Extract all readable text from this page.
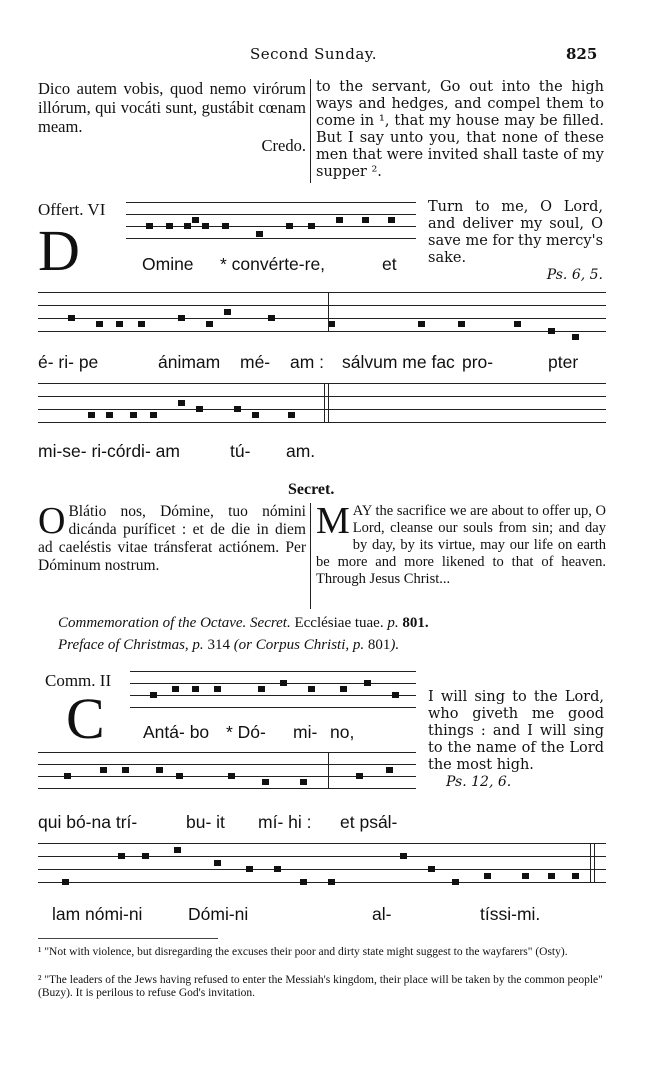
Second Sunday.	825
Dico autem vobis, quod nemo virórum illórum, qui vocáti sunt, gustábit cœnam meam.
Credo.
to the servant, Go out into the high ways and hedges, and compel them to come in ¹, that my house may be filled. But I say unto you, that none of these men that were invited shall taste of my supper ².
Offert. VI
D	Omine * convérte-re,	et
Turn to me, O Lord, and deliver my soul, O save me for thy mercy's sake.
Ps. 6, 5.
é- ri- pe	ánimam mé- am : sálvum me fac pro-	pter
mi-se- ri-córdi- am	tú- am.
Secret.
O Blátio nos, Dómine, tuo nómini dicánda puríficet : et de die in diem ad caeléstis vitae tránsferat actiónem. Per Dóminum nostrum.
MAY the sacrifice we are about to offer up, O Lord, cleanse our souls from sin; and day by day, by its virtue, may our life on earth be more and more likened to that of heaven. Through Jesus Christ...
Commemoration of the Octave. Secret. Ecclésiae tuae. p. 801.
Preface of Christmas, p. 314 (or Corpus Christi, p. 801).
Comm. II
C Antá- bo * Dó- mi- no,
I will sing to the Lord, who giveth me good things : and I will sing to the name of the Lord the most high.
Ps. 12, 6.
qui bó-na trí-	bu- it mí- hi : et psál-
lam nómi-ni	Dómi-ni	al-	tíssi-mi.
¹ "Not with violence, but disregarding the excuses their poor and dirty state might suggest to the wayfarers" (Osty).
² "The leaders of the Jews having refused to enter the Messiah's kingdom, their place will be taken by the common people" (Buzy). It is perilous to refuse God's invitation.
